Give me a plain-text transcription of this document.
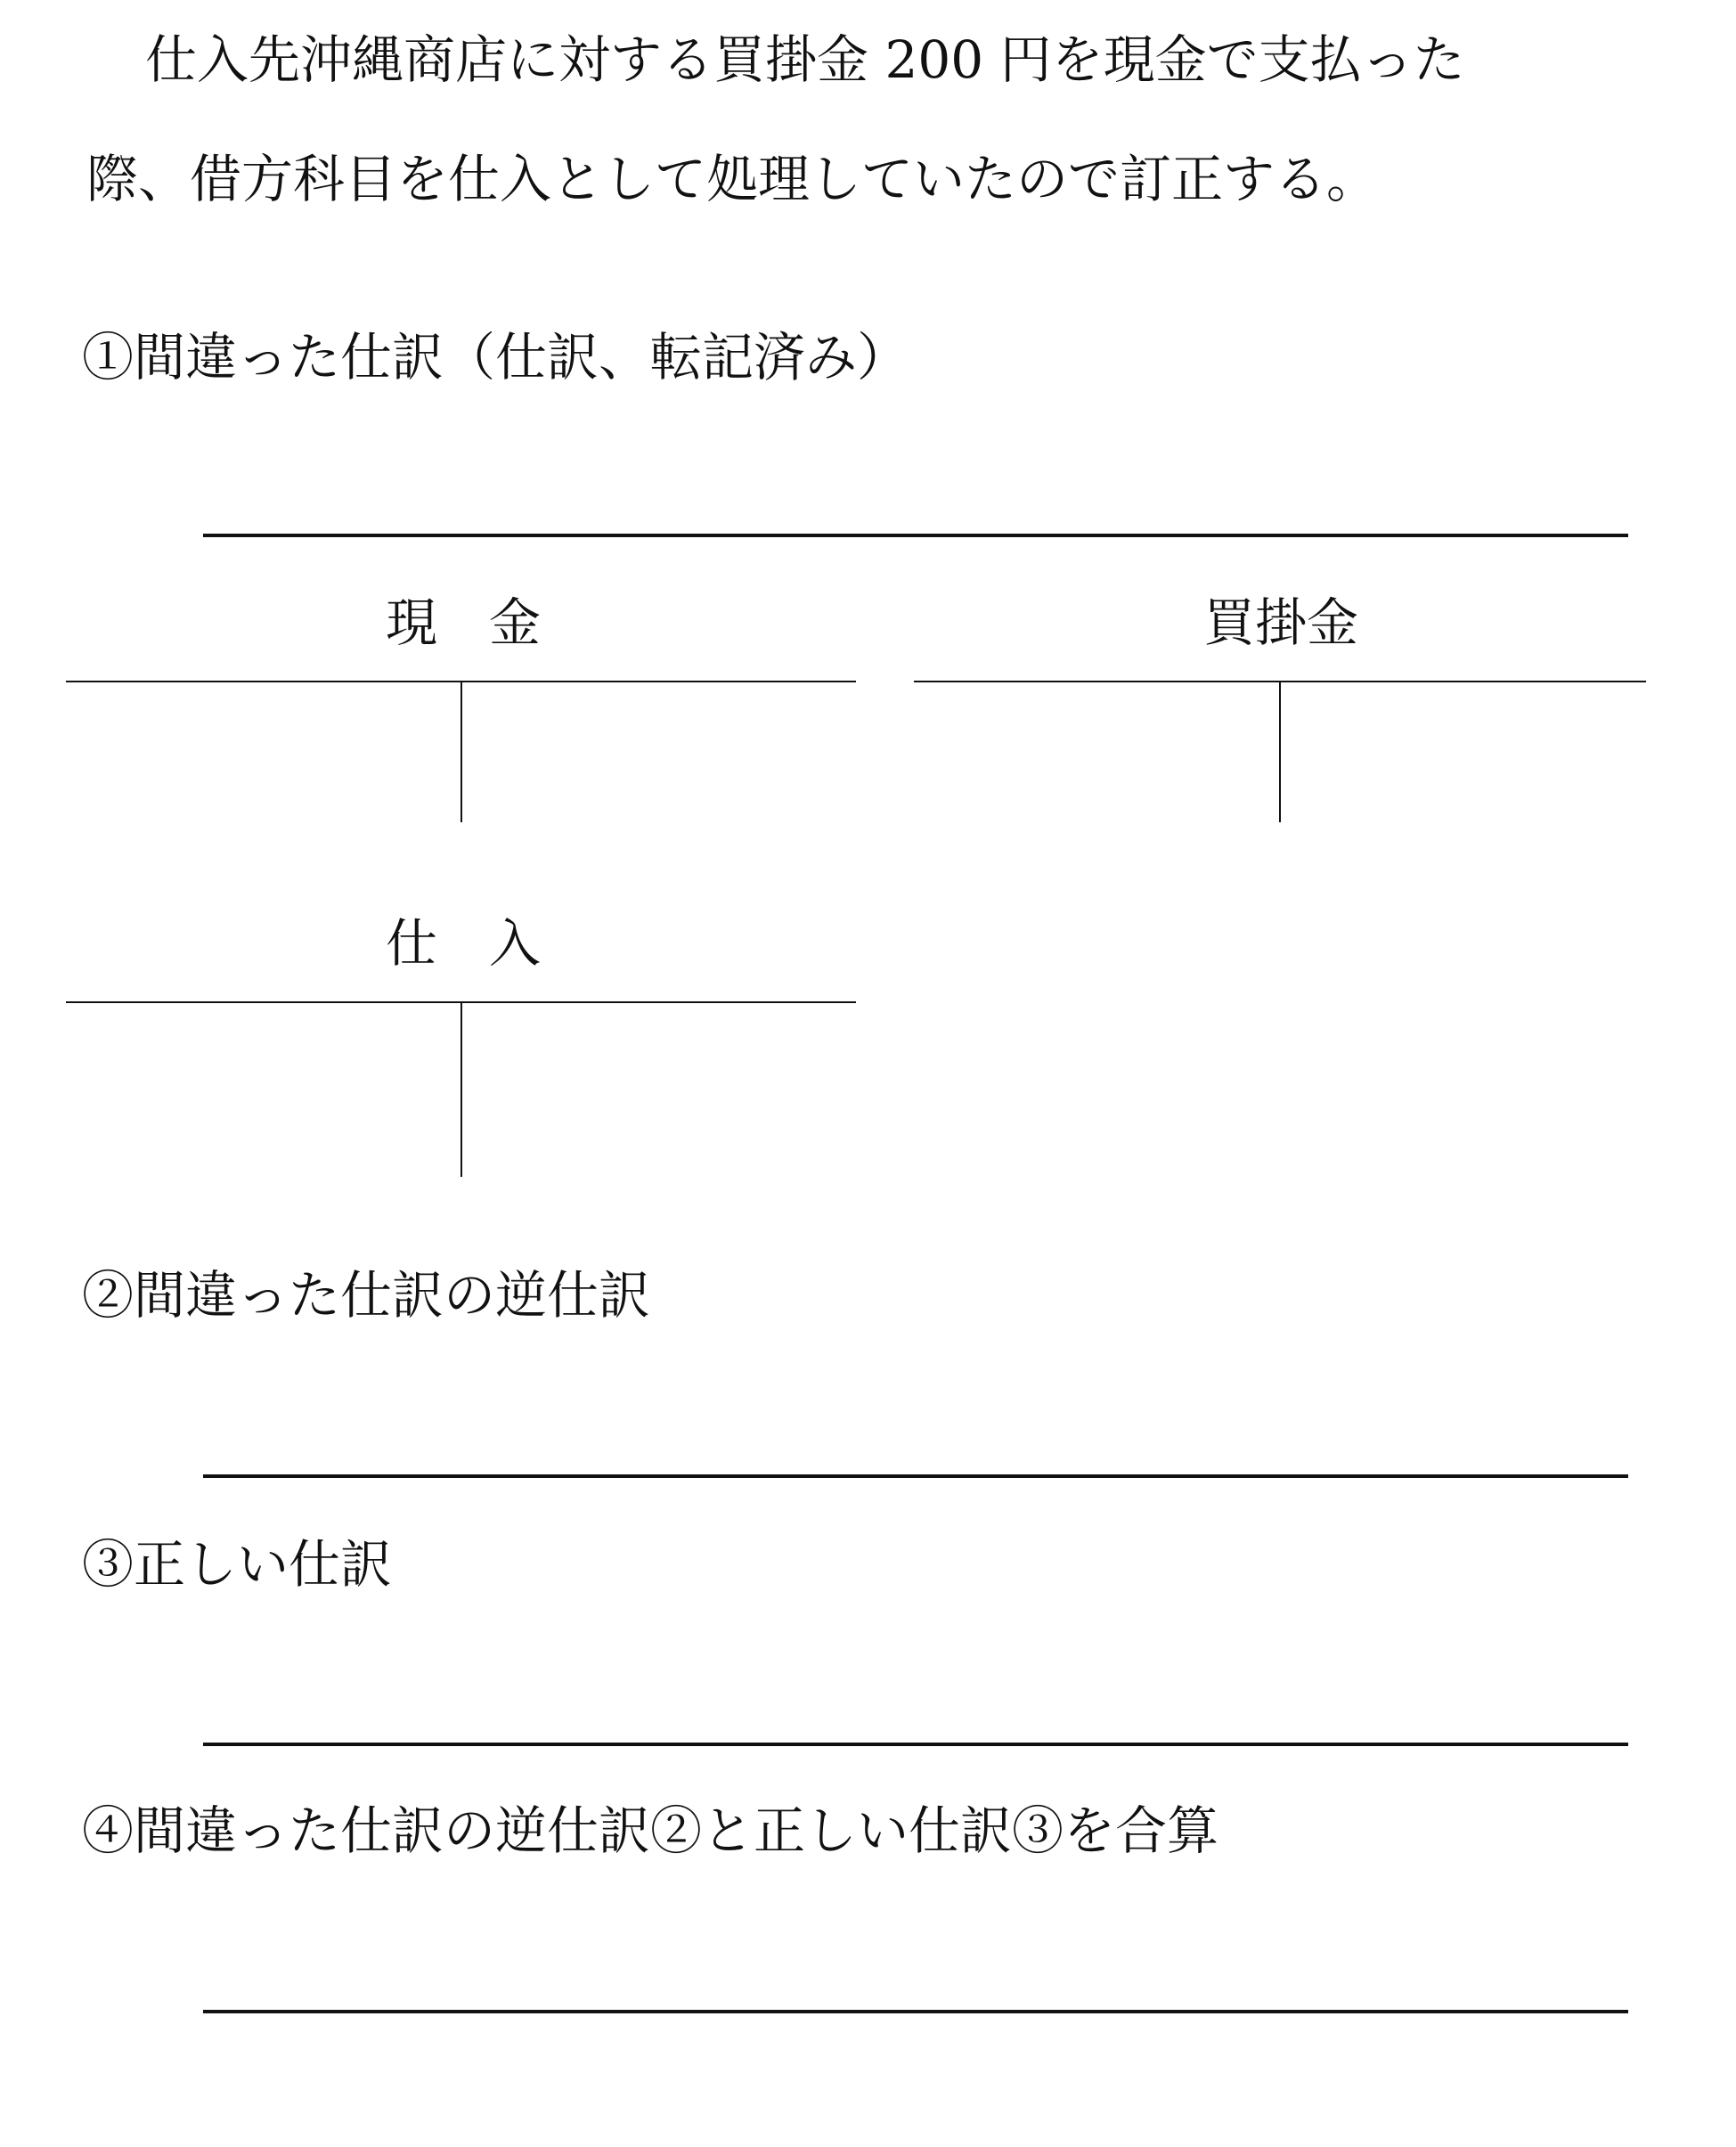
仕入先沖縄商店に対する買掛金 200 円を現金で支払った
際、借方科目を仕入として処理していたので訂正する。
①間違った仕訳（仕訳、転記済み）
現　金	買掛金
仕　入
②間違った仕訳の逆仕訳
③正しい仕訳
④間違った仕訳の逆仕訳②と正しい仕訳③を合算
